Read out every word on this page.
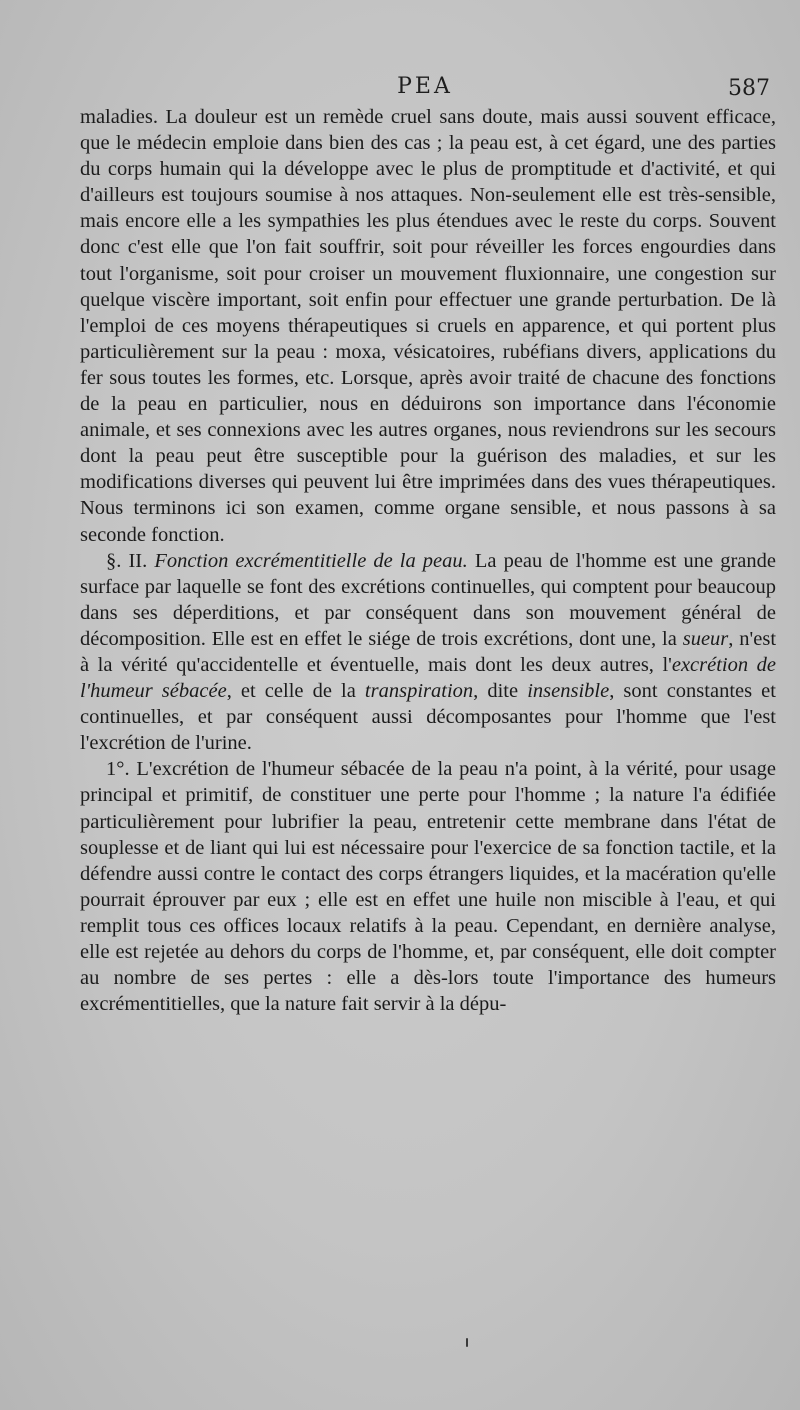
PEA	587

maladies. La douleur est un remède cruel sans doute, mais aussi souvent efficace, que le médecin emploie dans bien des cas ; la peau est, à cet égard, une des parties du corps humain qui la développe avec le plus de promptitude et d'activité, et qui d'ailleurs est toujours soumise à nos attaques. Non-seulement elle est très-sensible, mais encore elle a les sympathies les plus étendues avec le reste du corps. Souvent donc c'est elle que l'on fait souffrir, soit pour réveiller les forces engourdies dans tout l'organisme, soit pour croiser un mouvement fluxionnaire, une congestion sur quelque viscère important, soit enfin pour effectuer une grande perturbation. De là l'emploi de ces moyens thérapeutiques si cruels en apparence, et qui portent plus particulièrement sur la peau : moxa, vésicatoires, rubéfians divers, applications du fer sous toutes les formes, etc. Lorsque, après avoir traité de chacune des fonctions de la peau en particulier, nous en déduirons son importance dans l'économie animale, et ses connexions avec les autres organes, nous reviendrons sur les secours dont la peau peut être susceptible pour la guérison des maladies, et sur les modifications diverses qui peuvent lui être imprimées dans des vues thérapeutiques. Nous terminons ici son examen, comme organe sensible, et nous passons à sa seconde fonction.

§. II. Fonction excrémentitielle de la peau. La peau de l'homme est une grande surface par laquelle se font des excrétions continuelles, qui comptent pour beaucoup dans ses déperditions, et par conséquent dans son mouvement général de décomposition. Elle est en effet le siége de trois excrétions, dont une, la sueur, n'est à la vérité qu'accidentelle et éventuelle, mais dont les deux autres, l'excrétion de l'humeur sébacée, et celle de la transpiration, dite insensible, sont constantes et continuelles, et par conséquent aussi décomposantes pour l'homme que l'est l'excrétion de l'urine.

1°. L'excrétion de l'humeur sébacée de la peau n'a point, à la vérité, pour usage principal et primitif, de constituer une perte pour l'homme ; la nature l'a édifiée particulièrement pour lubrifier la peau, entretenir cette membrane dans l'état de souplesse et de liant qui lui est nécessaire pour l'exercice de sa fonction tactile, et la défendre aussi contre le contact des corps étrangers liquides, et la macération qu'elle pourrait éprouver par eux ; elle est en effet une huile non miscible à l'eau, et qui remplit tous ces offices locaux relatifs à la peau. Cependant, en dernière analyse, elle est rejetée au dehors du corps de l'homme, et, par conséquent, elle doit compter au nombre de ses pertes : elle a dès-lors toute l'importance des humeurs excrémentitielles, que la nature fait servir à la dépu-
